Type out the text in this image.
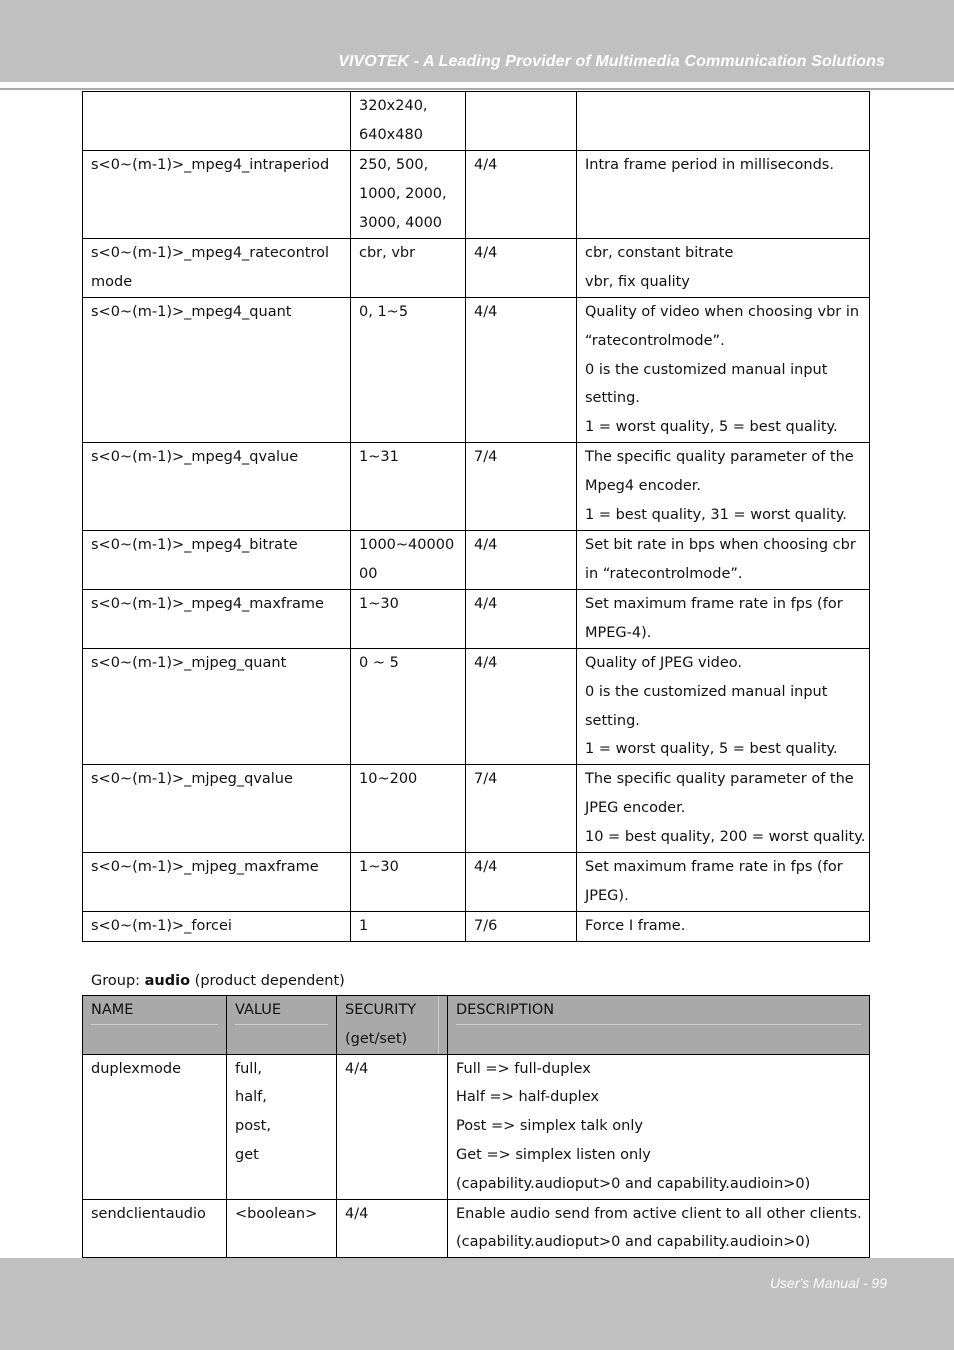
VIVOTEK - A Leading Provider of Multimedia Communication Solutions

	320x240,
640x480		

s<0~(m-1)>_mpeg4_intraperiod	250, 500,
1000, 2000,
3000, 4000	4/4	Intra frame period in milliseconds.

s<0~(m-1)>_mpeg4_ratecontrol
mode	cbr, vbr	4/4	cbr, constant bitrate
vbr, fix quality

s<0~(m-1)>_mpeg4_quant	0, 1~5	4/4	Quality of video when choosing vbr in
“ratecontrolmode”.
0 is the customized manual input
setting.
1 = worst quality, 5 = best quality.

s<0~(m-1)>_mpeg4_qvalue	1~31	7/4	The specific quality parameter of the
Mpeg4 encoder.
1 = best quality, 31 = worst quality.

s<0~(m-1)>_mpeg4_bitrate	1000~40000
00	4/4	Set bit rate in bps when choosing cbr
in “ratecontrolmode”.

s<0~(m-1)>_mpeg4_maxframe	1~30	4/4	Set maximum frame rate in fps (for
MPEG-4).

s<0~(m-1)>_mjpeg_quant	0 ~ 5	4/4	Quality of JPEG video.
0 is the customized manual input
setting.
1 = worst quality, 5 = best quality.

s<0~(m-1)>_mjpeg_qvalue	10~200	7/4	The specific quality parameter of the
JPEG encoder.
10 = best quality, 200 = worst quality.

s<0~(m-1)>_mjpeg_maxframe	1~30	4/4	Set maximum frame rate in fps (for
JPEG).

s<0~(m-1)>_forcei	1	7/6	Force I frame.
Group: audio (product dependent)
NAME	VALUE	SECURITY
(get/set)	DESCRIPTION

duplexmode	full,
half,
post,
get	4/4	Full => full-duplex
Half => half-duplex
Post => simplex talk only
Get => simplex listen only
(capability.audioput>0 and capability.audioin>0)

sendclientaudio	<boolean>	4/4	Enable audio send from active client to all other clients.
(capability.audioput>0 and capability.audioin>0)
User's Manual - 99
